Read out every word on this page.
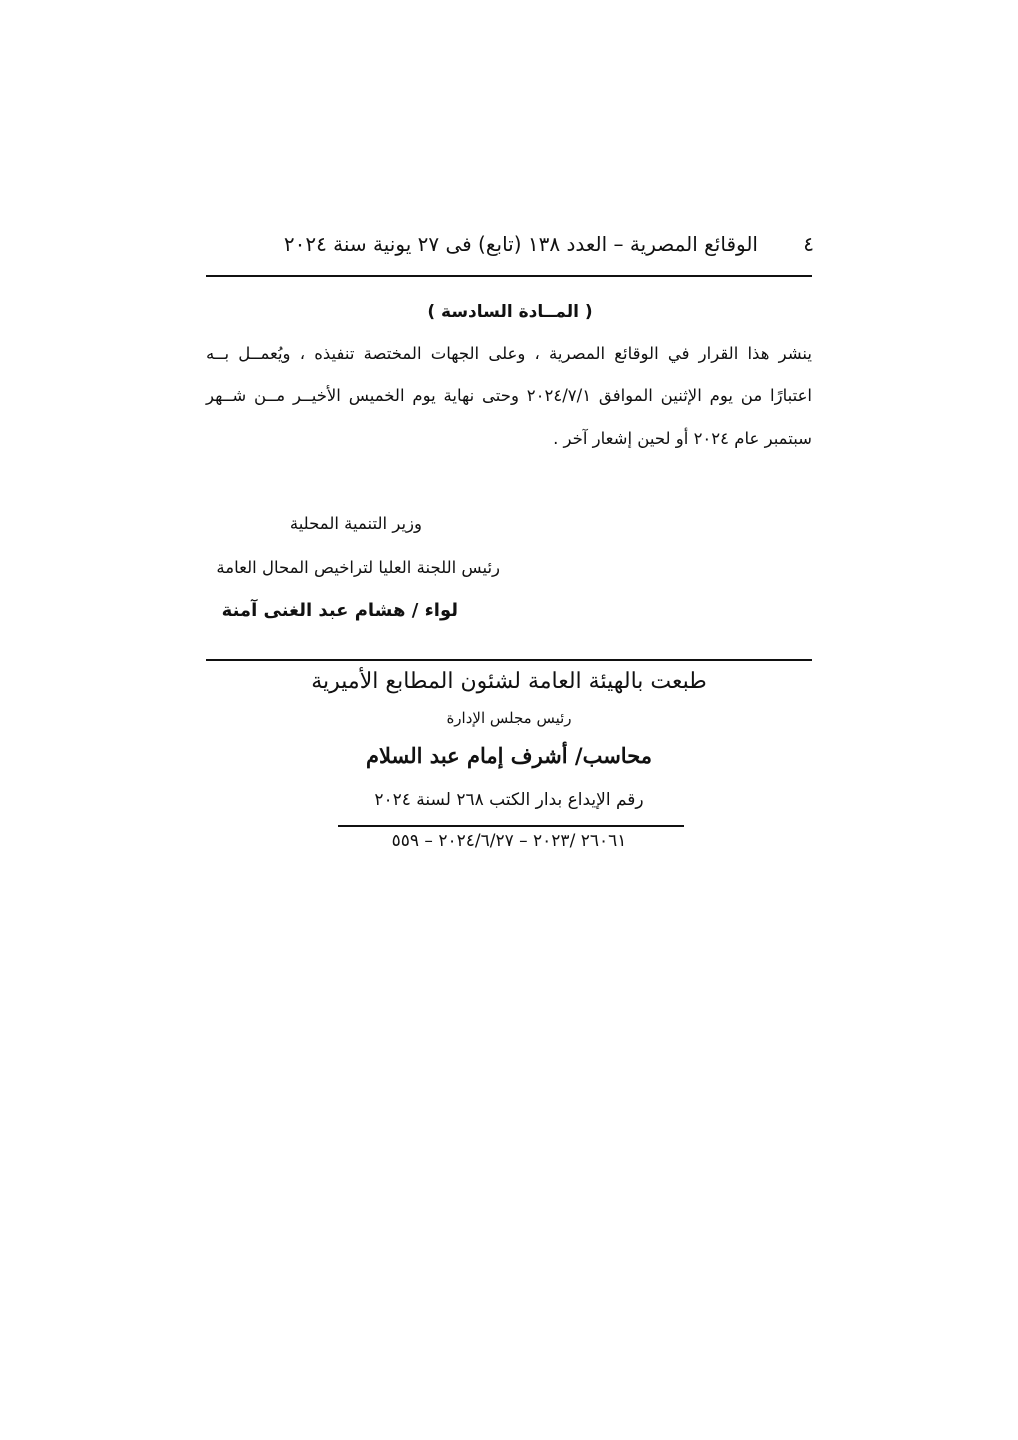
٤
الوقائع المصرية – العدد ١٣٨ (تابع) فى ٢٧ يونية سنة ٢٠٢٤
( المــادة السادسة )
ينشر هذا القرار في الوقائع المصرية ، وعلى الجهات المختصة تنفيذه ، ويُعمــل بــه
اعتبارًا من يوم الإثنين الموافق ٢٠٢٤/٧/١ وحتى نهاية يوم الخميس الأخيــر مــن شــهر
سبتمبر عام ٢٠٢٤ أو لحين إشعار آخر .
وزير التنمية المحلية
رئيس اللجنة العليا لتراخيص المحال العامة
لواء / هشام عبد الغنى آمنة
طبعت بالهيئة العامة لشئون المطابع الأميرية
رئيس مجلس الإدارة
محاسب/ أشرف إمام عبد السلام
رقم الإيداع بدار الكتب ٢٦٨ لسنة ٢٠٢٤
٢٦٠٦١ /٢٠٢٣ – ٢٠٢٤/٦/٢٧ – ٥٥٩
